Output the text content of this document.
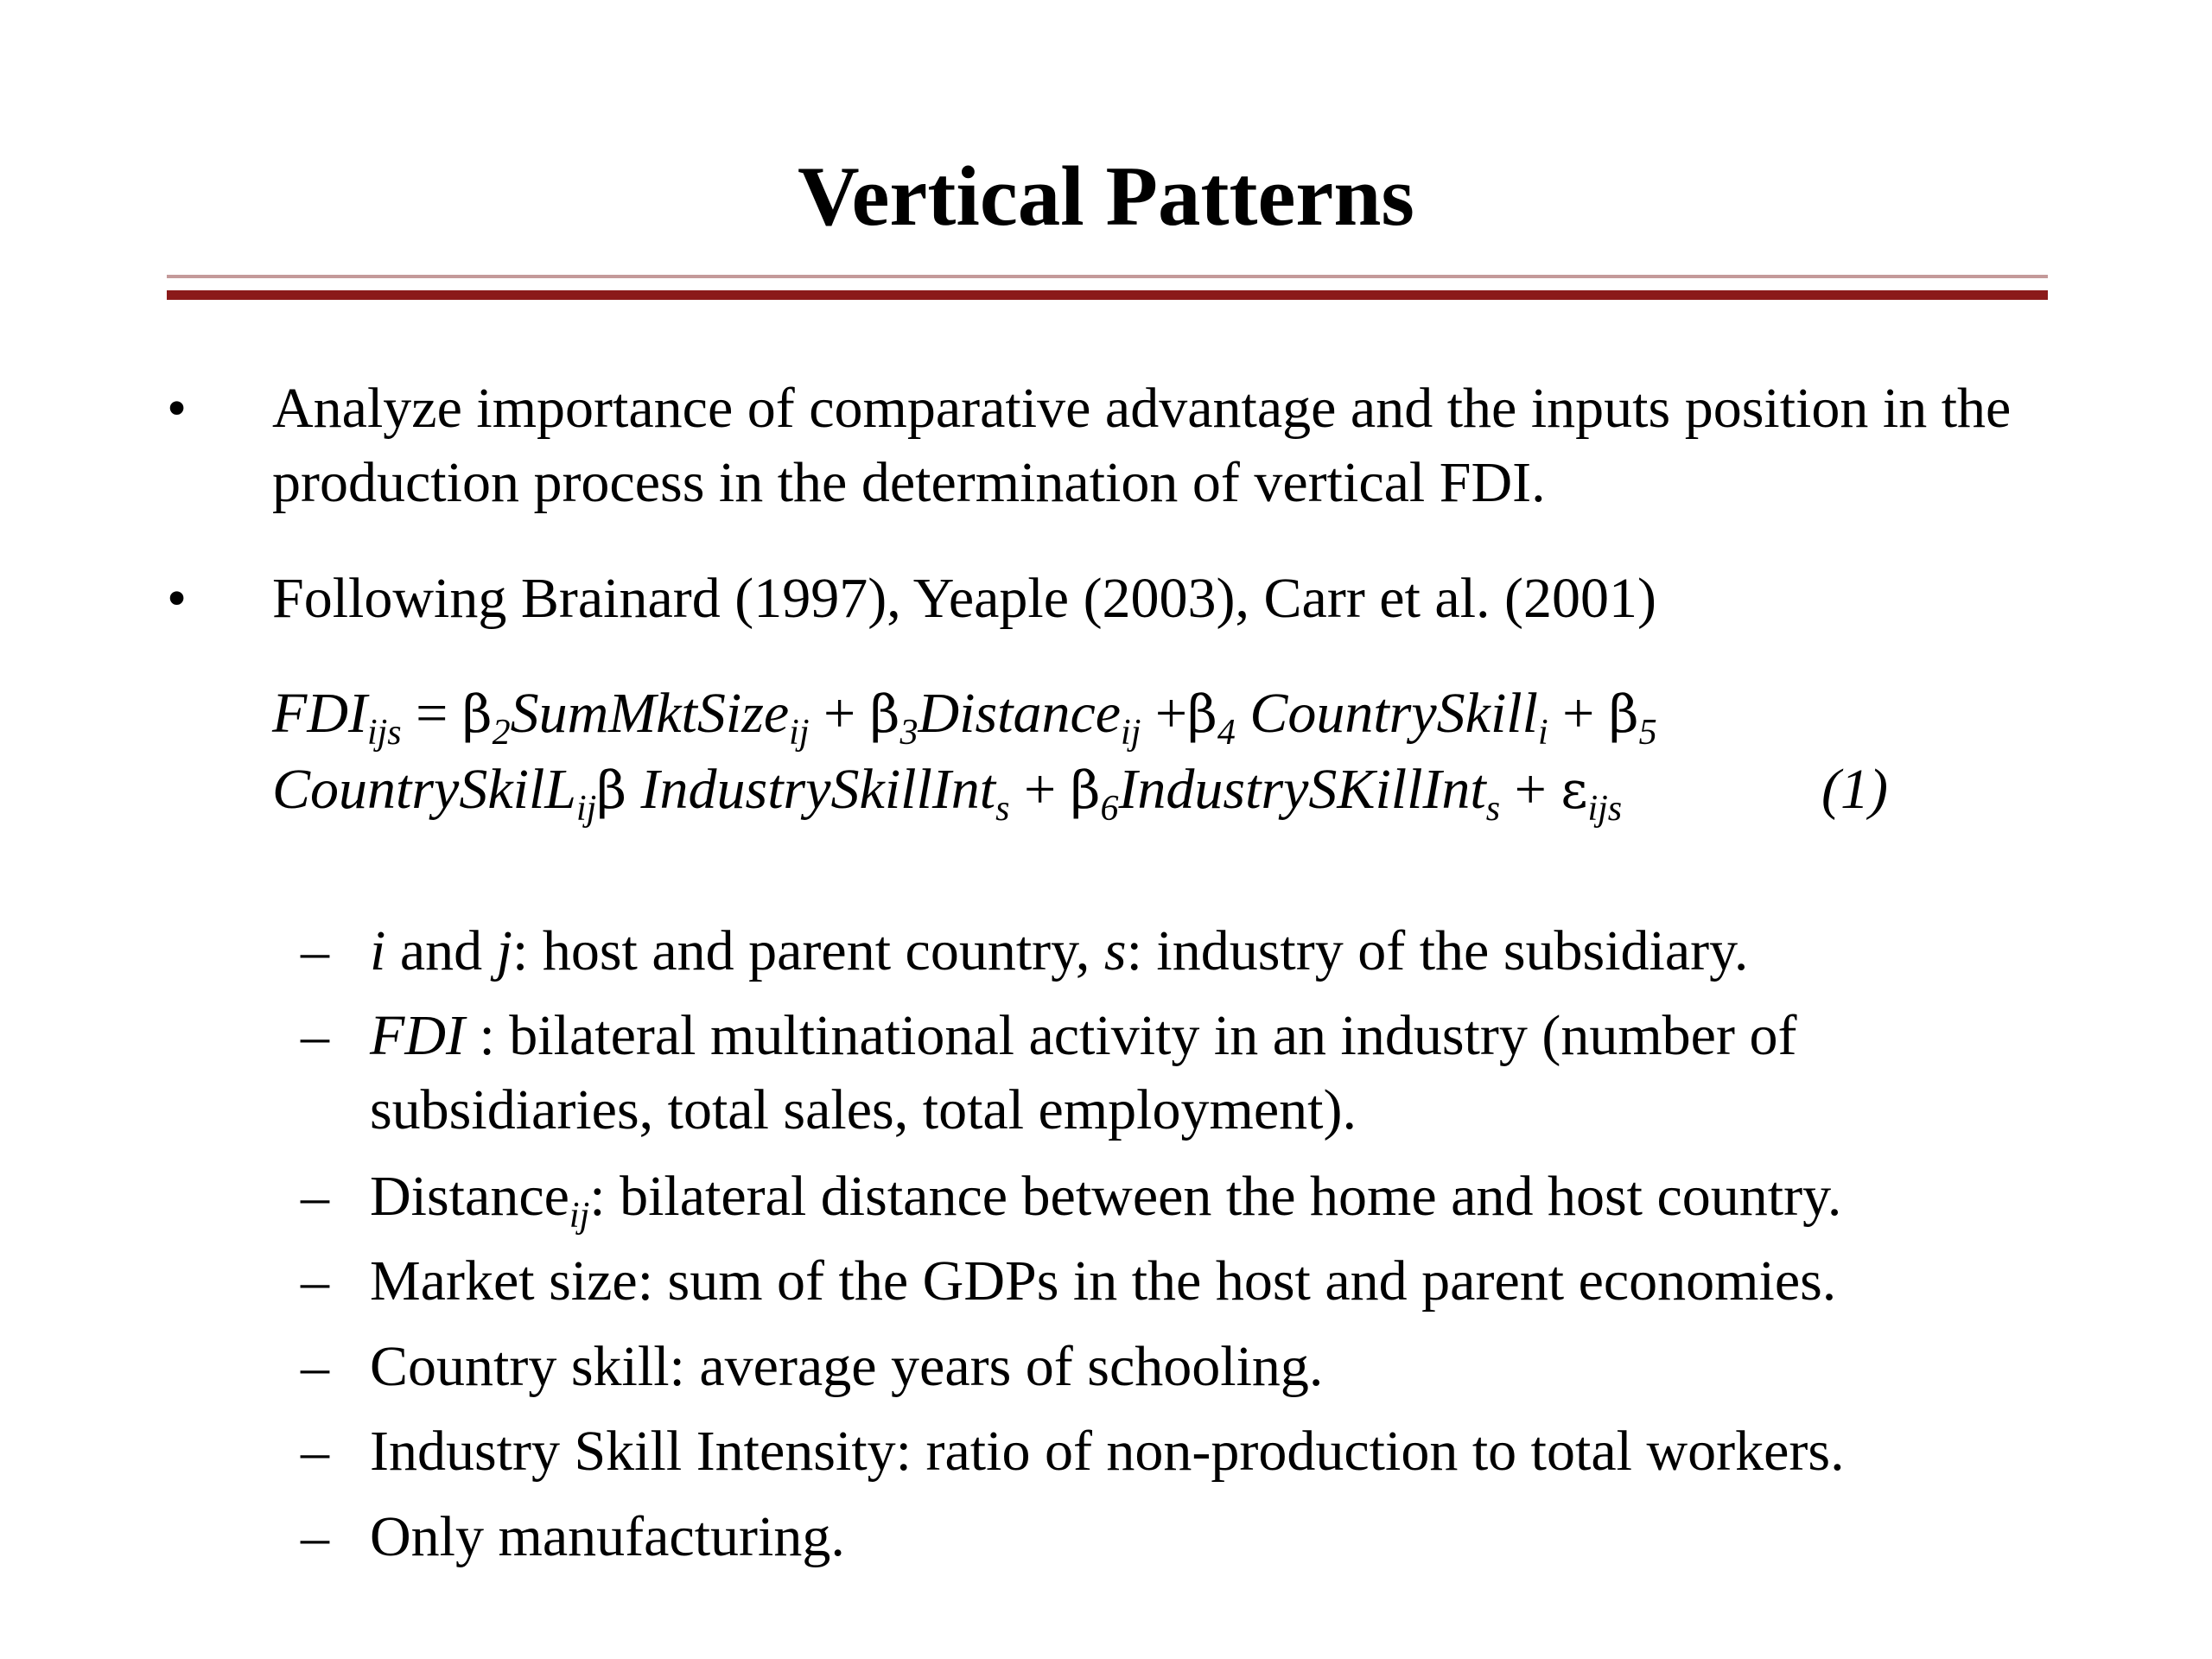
Vertical Patterns
• Analyze importance of comparative advantage and the inputs position in the production process in the determination of vertical FDI.
• Following Brainard (1997), Yeaple (2003), Carr et al. (2001)
$FDI_{ijs}$ = $\beta_2SumMktSize_{ij}$ + $\beta_3Distance_{ij} +\beta_4$ CountrySkill$_i$ + $\beta_5$
CountrySkilL$_{ij}$β IndustrySkillInt$_s$ + $\beta_6IndustrySKillInt_s + \varepsilon_{ijs}$	(1)
– i and j: host and parent country, s: industry of the subsidiary.
– FDI : bilateral multinational activity in an industry (number of subsidiaries, total sales, total employment).
– Distance$_{ij}$: bilateral distance between the home and host country.
– Market size: sum of the GDPs in the host and parent economies.
– Country skill: average years of schooling.
– Industry Skill Intensity: ratio of non-production to total workers.
– Only manufacturing.
